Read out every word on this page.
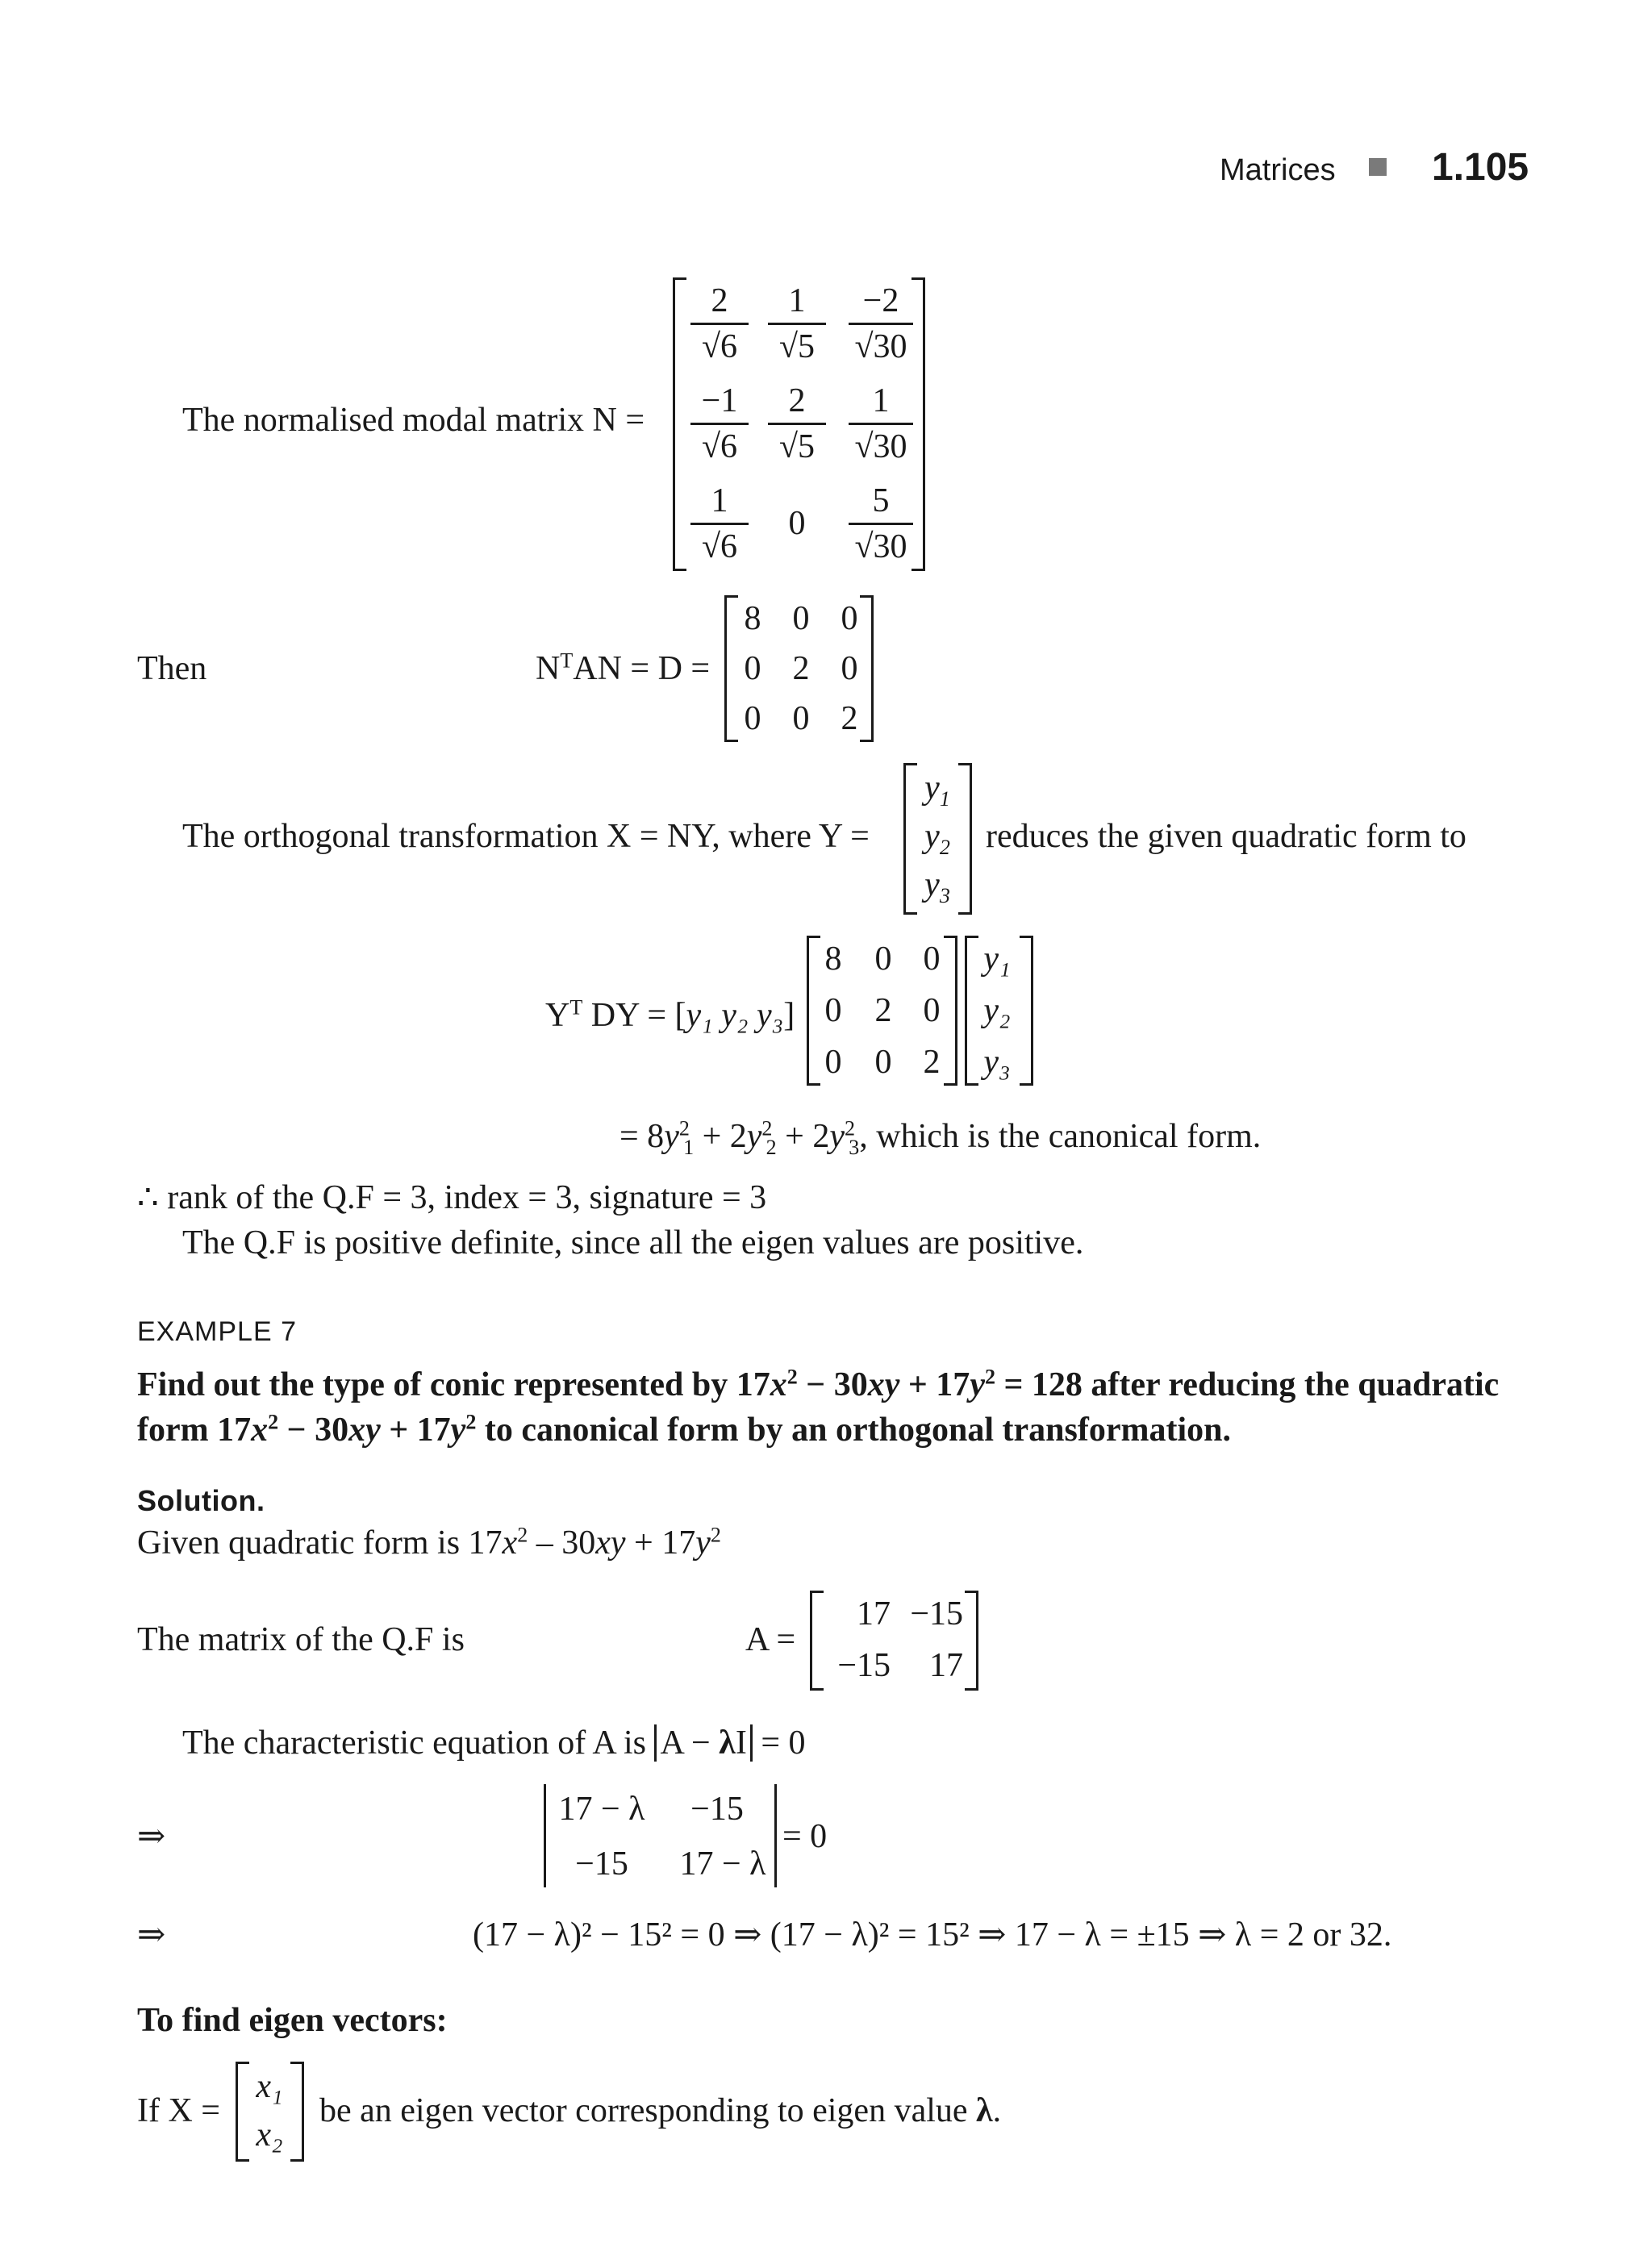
Matrices 1.105
The normalised modal matrix N =
$\frac{2}{√6} \frac{1}{√5} \frac{-2}{√30}$
$\frac{-1}{√6} \frac{2}{√5} \frac{1}{√30}$
$\frac{1}{√6}$	0	$\frac{5}{√30}$
Then	$N^TAN = D$ =
8 0 0
0 2 0
0 0 2
The orthogonal transformation X = NY, where Y =
$y_1$
$y_2$
$y_3$
reduces the given quadratic form to
$Y^T$ DY = [y₁ y₂ y₃]
8 0 0
0 2 0
0 0 2
y₁
y₂
y₃
= $8y^2_1 + 2y^2_2 + 2y^2_3$, which is the canonical form.
∴ rank of the Q.F = 3, index = 3, signature = 3
The Q.F is positive definite, since all the eigen values are positive.
EXAMPLE 7
Find out the type of conic represented by $17x^2 - 30xy + 17y^2 = 128$ after reducing the quadratic
form $17x^2 - 30xy + 17y^2$ to canonical form by an orthogonal transformation.
Solution.
Given quadratic form is $17x^2 - 30xy + 17y^2$
The matrix of the Q.F is	A =
17 −15
−15	17
The characteristic equation of A is A − λI = 0
⇒
17 − λ	−15
−15	17 − λ
= 0
⇒	(17 − λ)² − 15² = 0 ⇒ (17 − λ)² = 15² ⇒ 17 − λ = ±15 ⇒ λ = 2 or 32.
To find eigen vectors:
If X =
x₁
x₂
be an eigen vector corresponding to eigen value λ.
